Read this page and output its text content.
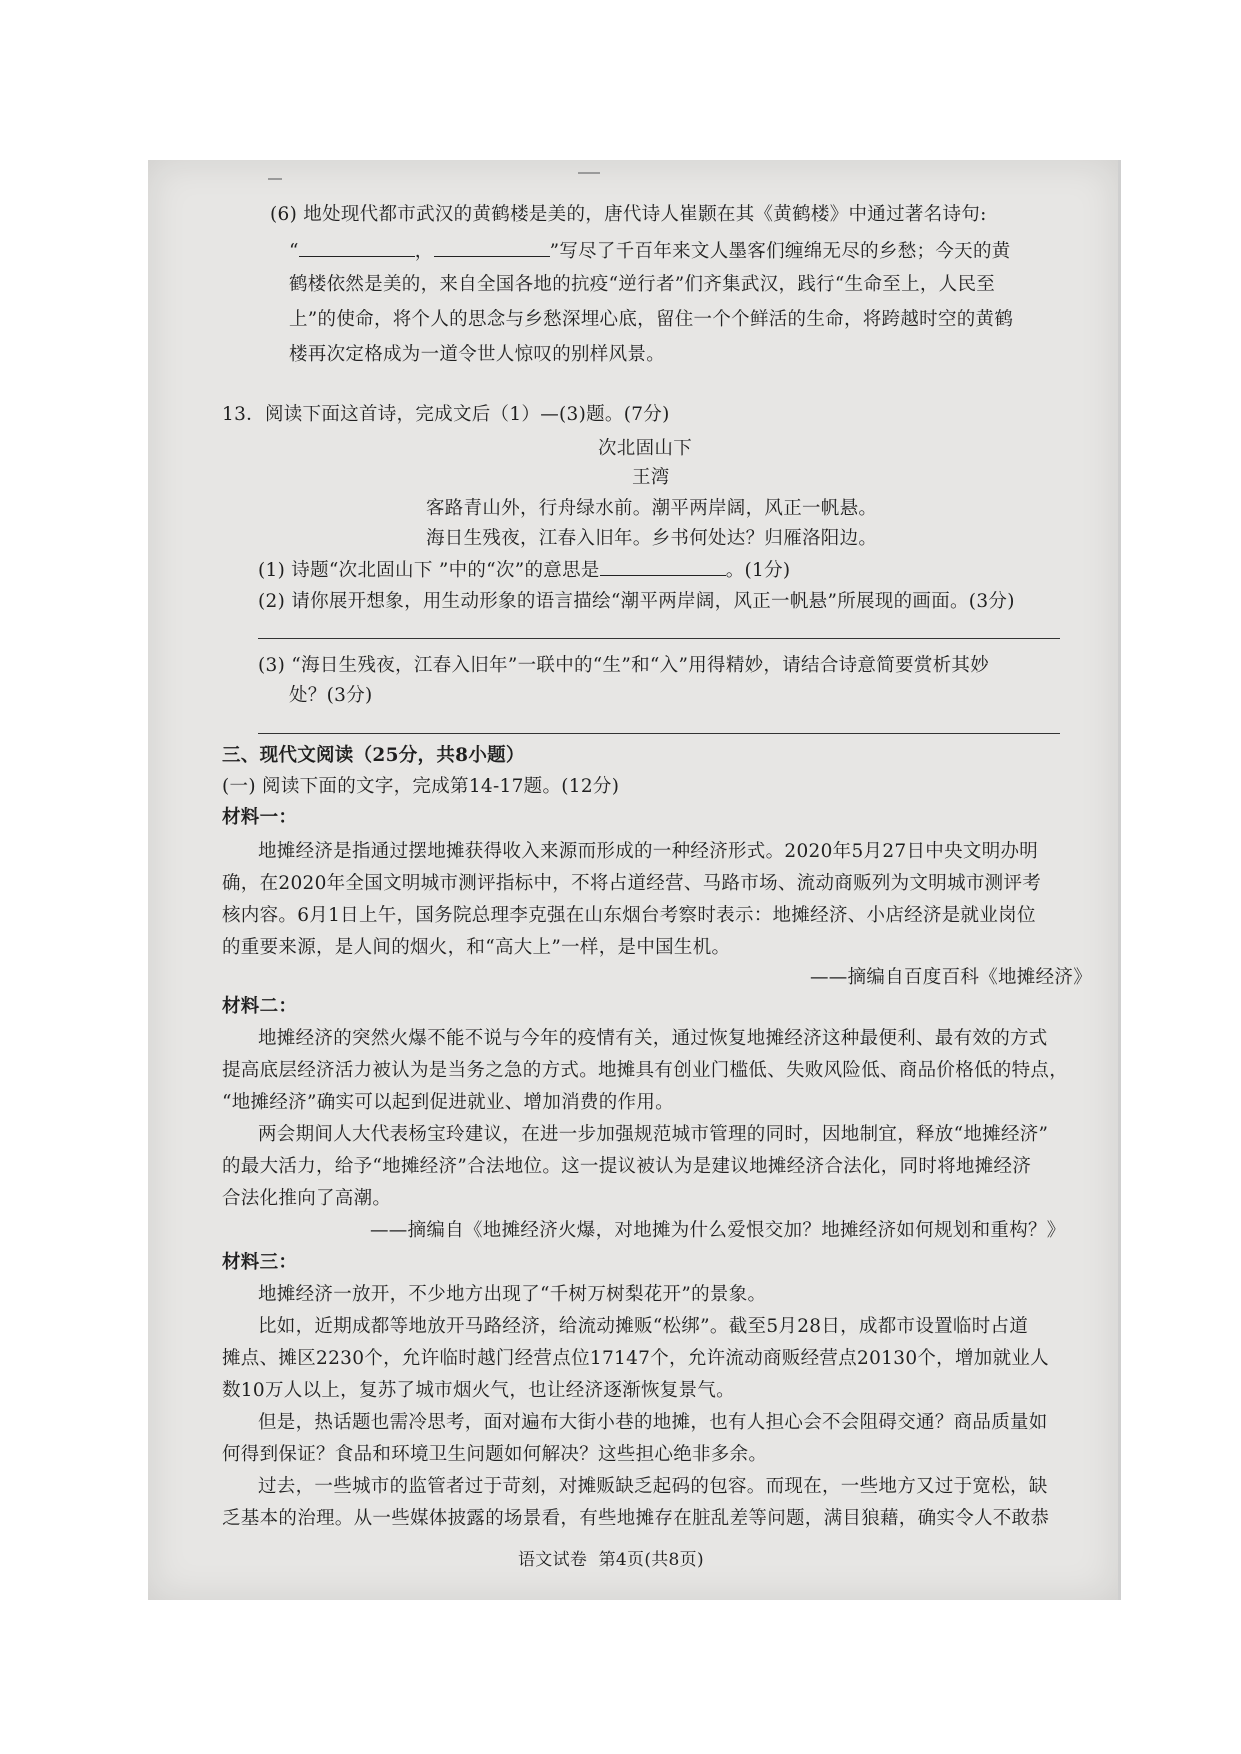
(6) 地处现代都市武汉的黄鹤楼是美的，唐代诗人崔颢在其《黄鹤楼》中通过著名诗句:
“	，	”写尽了千百年来文人墨客们缠绵无尽的乡愁；今天的黄
鹤楼依然是美的，来自全国各地的抗疫“逆行者”们齐集武汉，践行“生命至上，人民至
上”的使命，将个人的思念与乡愁深埋心底，留住一个个鲜活的生命，将跨越时空的黄鹤
楼再次定格成为一道令世人惊叹的别样风景。
13．阅读下面这首诗，完成文后（1）—(3)题。(7分)
次北固山下
王湾
客路青山外，行舟绿水前。潮平两岸阔，风正一帆悬。
海日生残夜，江春入旧年。乡书何处达？归雁洛阳边。
(1) 诗题“次北固山下 ”中的“次”的意思是	。(1分)
(2) 请你展开想象，用生动形象的语言描绘“潮平两岸阔，风正一帆悬”所展现的画面。(3分)
(3) “海日生残夜，江春入旧年”一联中的“生”和“入”用得精妙，请结合诗意简要赏析其妙
处？(3分)
三、现代文阅读（25分，共8小题）
(一) 阅读下面的文字，完成第14-17题。(12分)
材料一：
地摊经济是指通过摆地摊获得收入来源而形成的一种经济形式。2020年5月27日中央文明办明
确，在2020年全国文明城市测评指标中，不将占道经营、马路市场、流动商贩列为文明城市测评考
核内容。6月1日上午，国务院总理李克强在山东烟台考察时表示：地摊经济、小店经济是就业岗位
的重要来源，是人间的烟火，和“高大上”一样，是中国生机。
——摘编自百度百科《地摊经济》
材料二：
地摊经济的突然火爆不能不说与今年的疫情有关，通过恢复地摊经济这种最便利、最有效的方式
提高底层经济活力被认为是当务之急的方式。地摊具有创业门槛低、失败风险低、商品价格低的特点，
“地摊经济”确实可以起到促进就业、增加消费的作用。
两会期间人大代表杨宝玲建议，在进一步加强规范城市管理的同时，因地制宜，释放“地摊经济”
的最大活力，给予“地摊经济”合法地位。这一提议被认为是建议地摊经济合法化，同时将地摊经济
合法化推向了高潮。
——摘编自《地摊经济火爆，对地摊为什么爱恨交加？地摊经济如何规划和重构？》
材料三：
地摊经济一放开，不少地方出现了“千树万树梨花开”的景象。
比如，近期成都等地放开马路经济，给流动摊贩“松绑”。截至5月28日，成都市设置临时占道
摊点、摊区2230个，允许临时越门经营点位17147个，允许流动商贩经营点20130个，增加就业人
数10万人以上，复苏了城市烟火气，也让经济逐渐恢复景气。
但是，热话题也需冷思考，面对遍布大街小巷的地摊，也有人担心会不会阻碍交通？商品质量如
何得到保证？食品和环境卫生问题如何解决？这些担心绝非多余。
过去，一些城市的监管者过于苛刻，对摊贩缺乏起码的包容。而现在，一些地方又过于宽松，缺
乏基本的治理。从一些媒体披露的场景看，有些地摊存在脏乱差等问题，满目狼藉，确实令人不敢恭
语文试卷  第4页(共8页)
